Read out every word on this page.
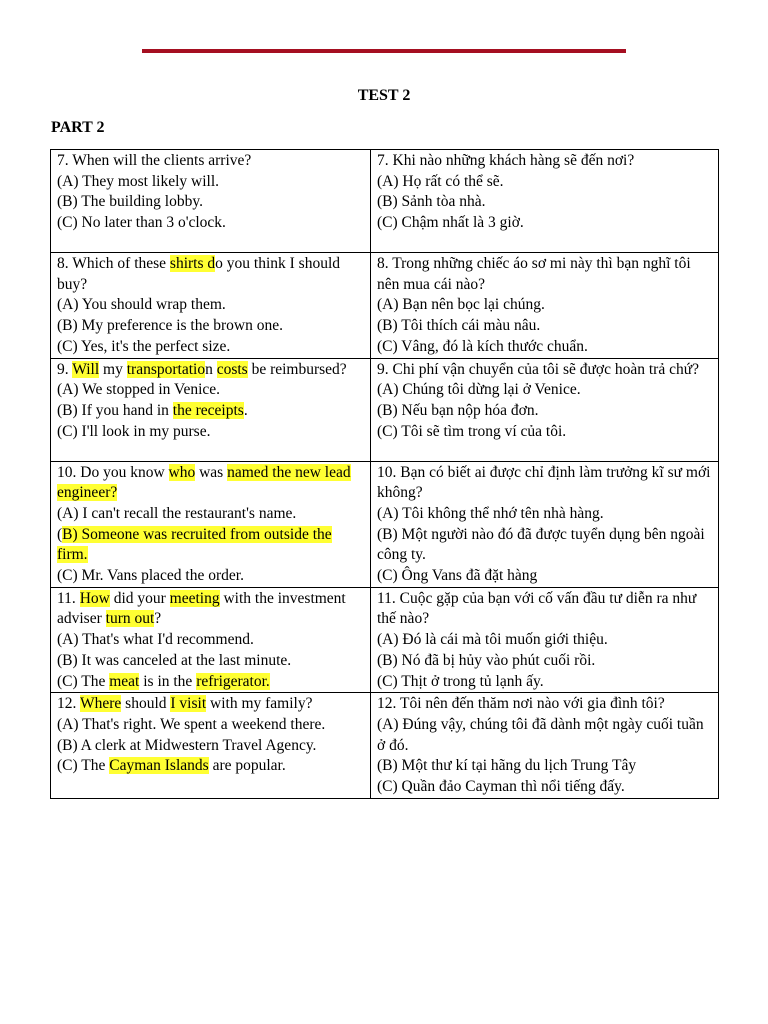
TEST 2
PART 2
7. When will the clients arrive?
(A) They most likely will.
(B) The building lobby.
(C) No later than 3 o'clock.	7. Khi nào những khách hàng sẽ đến nơi?
(A) Họ rất có thể sẽ.
(B) Sảnh tòa nhà.
(C) Chậm nhất là 3 giờ.

8. Which of these shirts do you think I should buy?
(A) You should wrap them.
(B) My preference is the brown one.
(C) Yes, it's the perfect size.	8. Trong những chiếc áo sơ mi này thì bạn nghĩ tôi nên mua cái nào?
(A) Bạn nên bọc lại chúng.
(B) Tôi thích cái màu nâu.
(C) Vâng, đó là kích thước chuẩn.

9. Will my transportation costs be reimbursed?
(A) We stopped in Venice.
(B) If you hand in the receipts.
(C) I'll look in my purse.	9. Chi phí vận chuyển của tôi sẽ được hoàn trả chứ?
(A) Chúng tôi dừng lại ở Venice.
(B) Nếu bạn nộp hóa đơn.
(C) Tôi sẽ tìm trong ví của tôi.

10. Do you know who was named the new lead engineer?
(A) I can't recall the restaurant's name.
(B) Someone was recruited from outside the firm.
(C) Mr. Vans placed the order.	10. Bạn có biết ai được chỉ định làm trưởng kĩ sư mới không?
(A) Tôi không thể nhớ tên nhà hàng.
(B) Một người nào đó đã được tuyển dụng bên ngoài công ty.
(C) Ông Vans đã đặt hàng

11. How did your meeting with the investment adviser turn out?
(A) That's what I'd recommend.
(B) It was canceled at the last minute.
(C) The meat is in the refrigerator.	11. Cuộc gặp của bạn với cố vấn đầu tư diễn ra như thế nào?
(A) Đó là cái mà tôi muốn giới thiệu.
(B) Nó đã bị hủy vào phút cuối rồi.
(C) Thịt ở trong tủ lạnh ấy.

12. Where should I visit with my family?
(A) That's right. We spent a weekend there.
(B) A clerk at Midwestern Travel Agency.
(C) The Cayman Islands are popular.	12. Tôi nên đến thăm nơi nào với gia đình tôi?
(A) Đúng vậy, chúng tôi đã dành một ngày cuối tuần ở đó.
(B) Một thư kí tại hãng du lịch Trung Tây
(C) Quần đảo Cayman thì nổi tiếng đấy.
